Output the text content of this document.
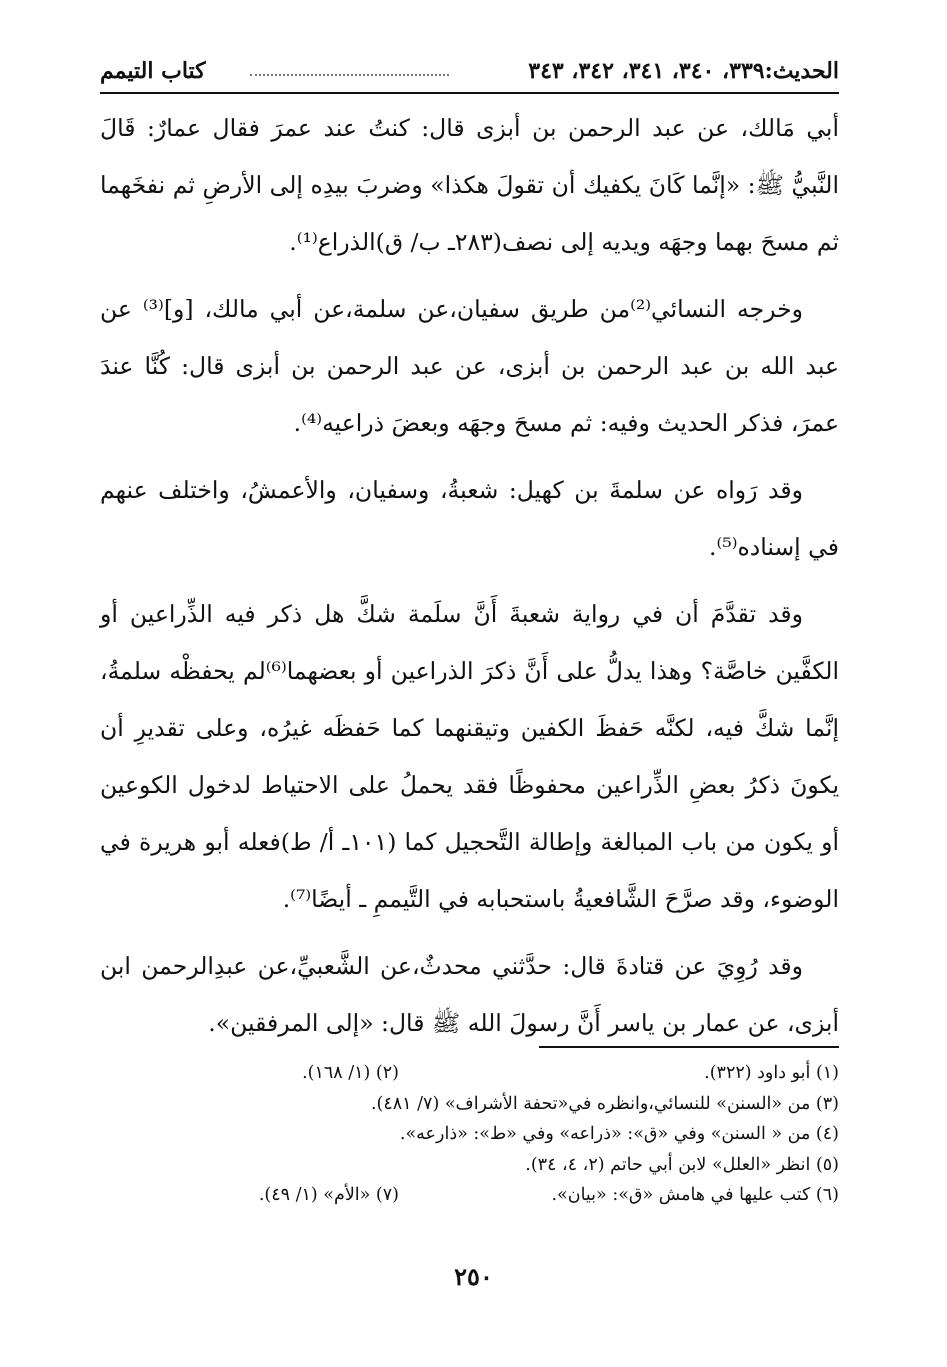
الحديث:٣٣٩، ٣٤٠، ٣٤١، ٣٤٢، ٣٤٣
كتاب التيمم

أبي مَالك، عن عبد الرحمن بن أبزى قال: كنتُ عند عمرَ فقال عمارٌ: قَالَ النَّبيُّ ﷺ: «إنَّما كَانَ يكفيك أن تقولَ هكذا» وضربَ بيدِه إلى الأرضِ ثم نفخَهما ثم مسحَ بهما وجهَه ويديه إلى نصف(٢٨٣ـ ب/ ق)الذراع⁽¹⁾.

وخرجه النسائي⁽²⁾من طريق سفيان،عن سلمة،عن أبي مالك، [و]⁽³⁾ عن عبد الله بن عبد الرحمن بن أبزى، عن عبد الرحمن بن أبزى قال: كُنَّا عندَ عمرَ، فذكر الحديث وفيه: ثم مسحَ وجهَه وبعضَ ذراعيه⁽⁴⁾.

وقد رَواه عن سلمةَ بن كهيل: شعبةُ، وسفيان، والأعمشُ، واختلف عنهم في إسناده⁽⁵⁾.

وقد تقدَّمَ أن في رواية شعبةَ أَنَّ سلَمة شكَّ هل ذكر فيه الذِّراعين أو الكفَّين خاصَّة؟ وهذا يدلُّ على أَنَّ ذكرَ الذراعين أو بعضهما⁽⁶⁾لم يحفظْه سلمةُ، إنَّما شكَّ فيه، لكنَّه حَفظَ الكفين وتيقنهما كما حَفظَه غيرُه، وعلى تقديرِ أن يكونَ ذكرُ بعضِ الذِّراعين محفوظًا فقد يحملُ على الاحتياط لدخول الكوعين أو يكون من باب المبالغة وإطالة التَّحجيل كما (١٠١ـ أ/ ط)فعله أبو هريرة في الوضوء، وقد صرَّحَ الشَّافعيةُ باستحبابه في التَّيممِ ـ أيضًا⁽⁷⁾.

وقد رُوِيَ عن قتادةَ قال: حدَّثني محدثٌ،عن الشَّعبيِّ،عن عبدِالرحمن ابن أبزى، عن عمار بن ياسر أَنَّ رسولَ الله ﷺ قال: «إلى المرفقين».

(١) أبو داود (٣٢٢).
(٢) (١/ ١٦٨).
(٣) من «السنن» للنسائي،وانظره في«تحفة الأشراف» (٧/ ٤٨١).
(٤) من « السنن» وفي «ق»: «ذراعه» وفي «ط»: «ذارعه».
(٥) انظر «العلل» لابن أبي حاتم (٢، ٤، ٣٤).
(٦) كتب عليها في هامش «ق»: «بيان».
(٧) «الأم» (١/ ٤٩).
٢٥٠
